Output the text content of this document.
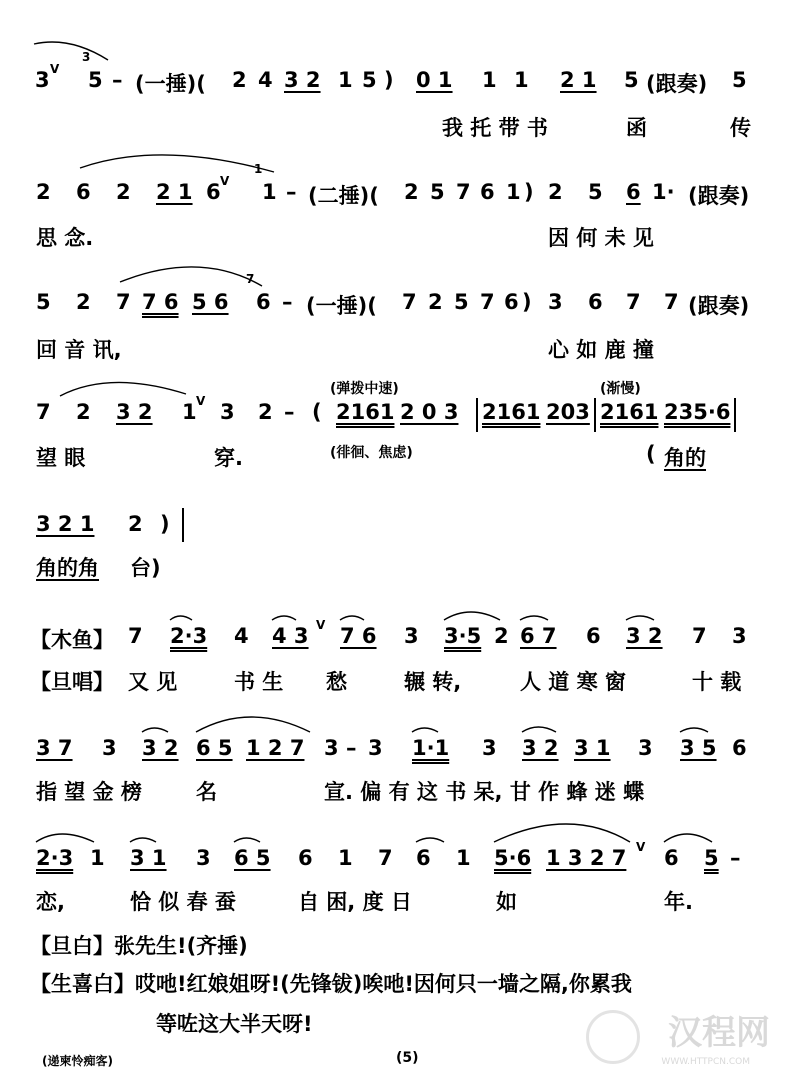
3 V
3
5 – (一捶)( 2 4 3 2 1 5 ) 0 1 1 1 2 1 5 (跟奏) 5
我 托 带 书	函	传
2 6 2 2 1 6 V
1
1 – (二捶)( 2 5 7 6 1 ) 2 5 6 1· (跟奏)
思 念.	因 何 未 见
5 2 7 7 6 5 6
7
6 – (一捶)( 7 2 5 7 6 ) 3 6 7 7 (跟奏)
回 音 讯,	心 如 鹿 撞
(弹拨中速)	(渐慢)
7 2 3 2 1 V 3 2 – ( 2161 2 0 3 2161 203 2161 235·6
望 眼	穿.	(徘徊、焦虑)	( 角的
3 2 1 2 )
角的角 台)
【木鱼】 7 2·3 4 4 3 V 7 6 3 3·5 2 6 7 6 3 2 7 3
【旦唱】 又 见	书 生 愁	辗 转,	人 道 寒 窗	十 载
3 7 3 3 2 6 5 1 2 7 3 – 3 1·1 3 3 2 3 1 3 3 5 6
指 望 金 榜	名	宣. 偏 有 这 书 呆, 甘 作 蜂 迷 蝶
2·3 1 3 1 3 6 5 6 1 7 6 1 5·6 1 3 2 7 V 6 5 –
恋,	恰 似 春 蚕	自 困, 度 日	如	年.
【旦白】张先生!(齐捶)
【生喜白】哎吔!红娘姐呀!(先锋钹)唉吔!因何只一墙之隔,你累我
等咗这大半天呀!
(递柬怜痴客)	(5)
汉程网
WWW.HTTPCN.COM
